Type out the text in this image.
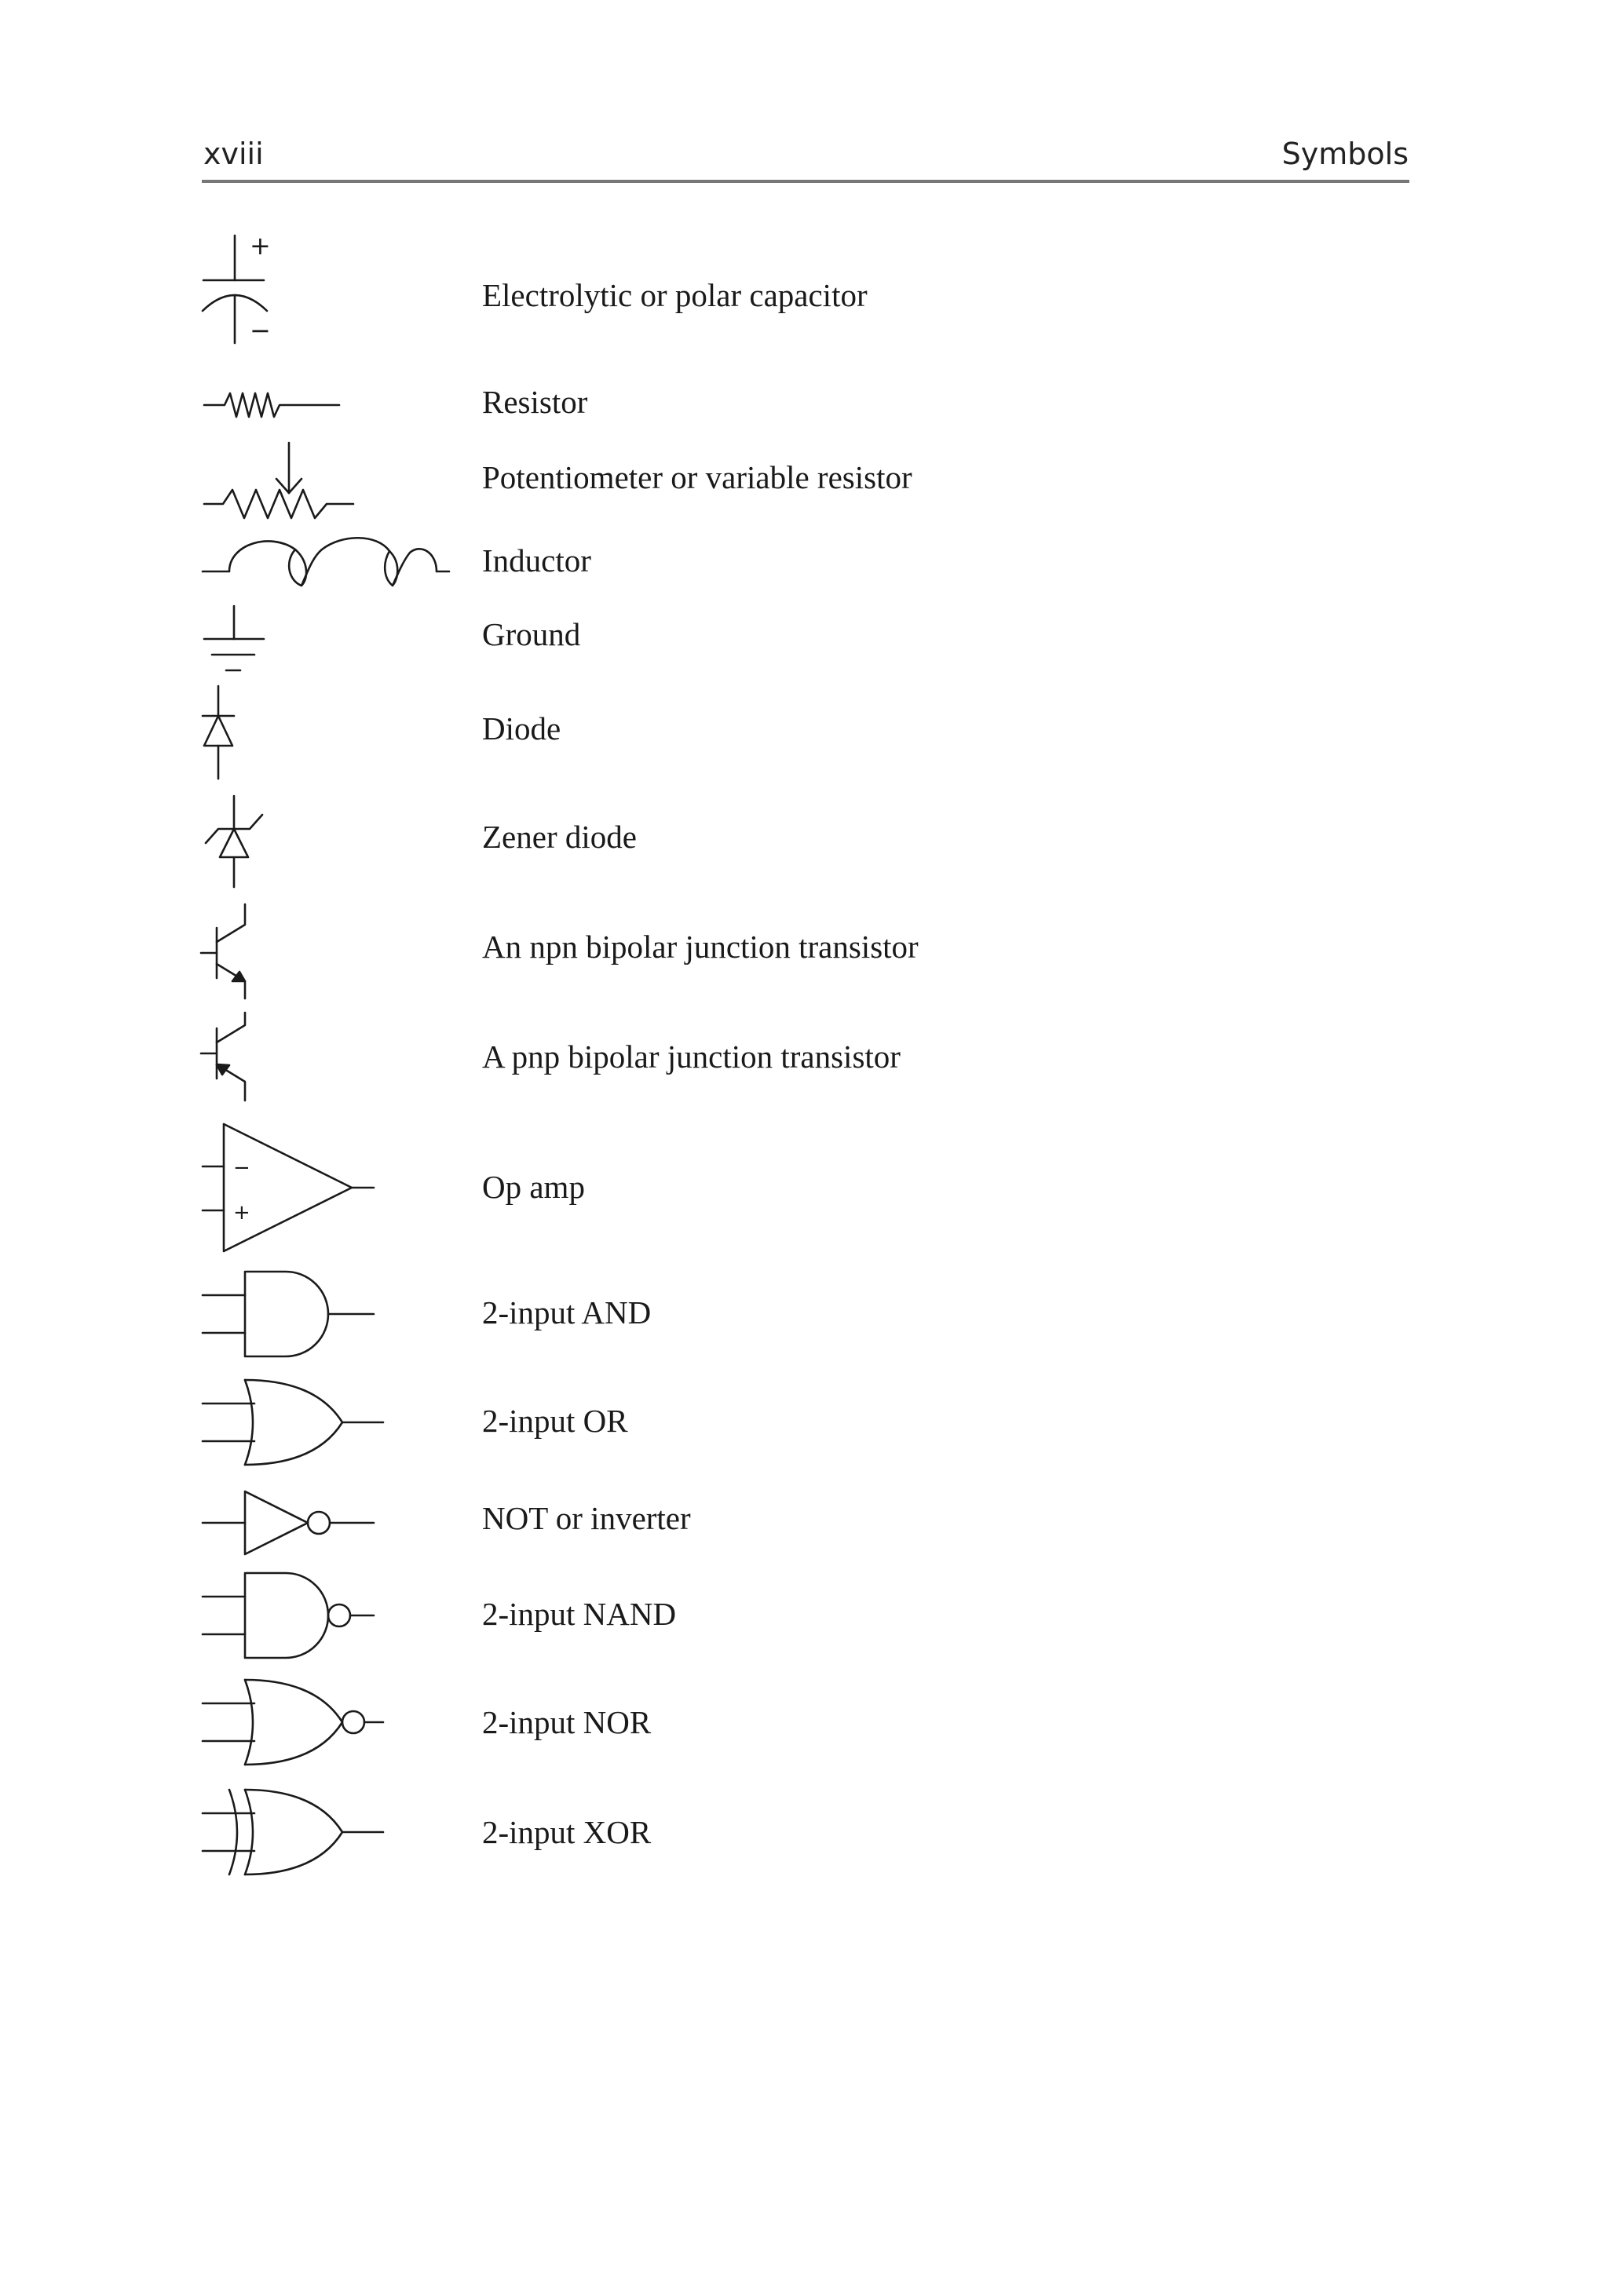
xviii	Symbols
+
−
Electrolytic or polar capacitor
Resistor
Potentiometer or variable resistor
Inductor
Ground
Diode
Zener diode
An npn bipolar junction transistor
A pnp bipolar junction transistor
−
+
Op amp
2-input AND
2-input OR
NOT or inverter
2-input NAND
2-input NOR
2-input XOR
